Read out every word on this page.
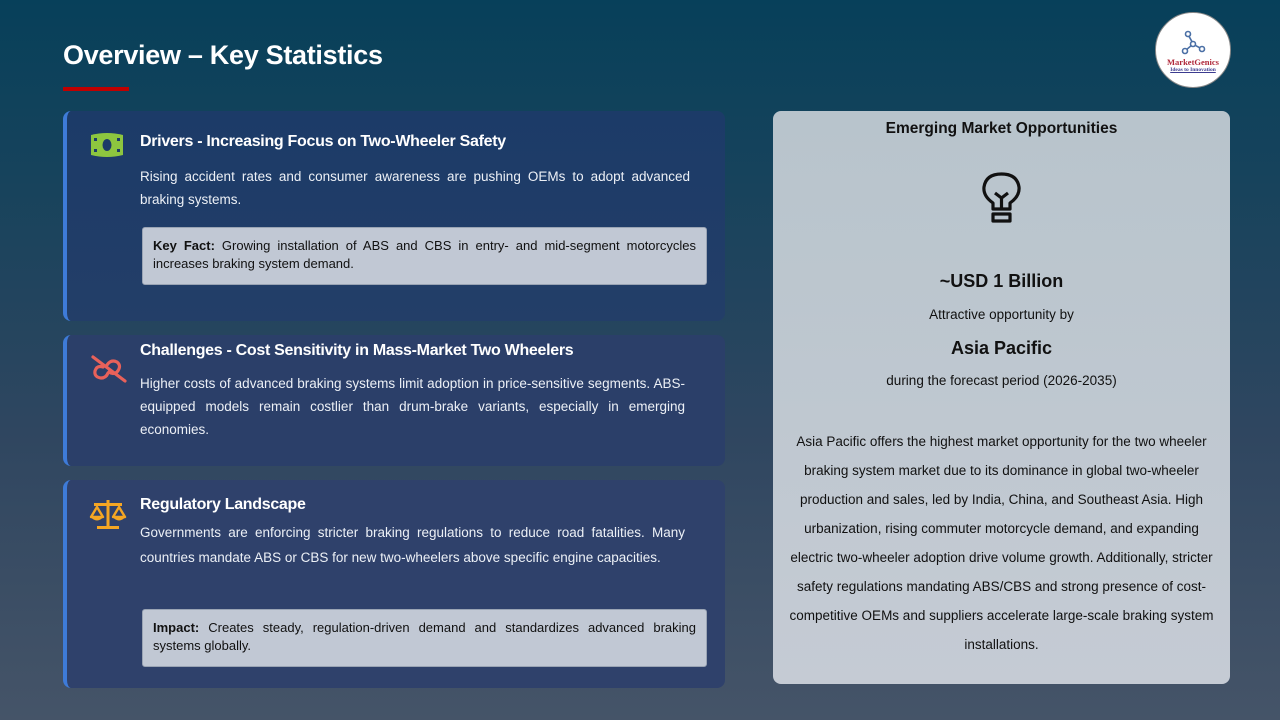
Overview – Key Statistics	MarketGenics
Ideas to Innovation
Drivers - Increasing Focus on Two-Wheeler Safety
Rising accident rates and consumer awareness are pushing OEMs to adopt advanced braking systems.
Key Fact: Growing installation of ABS and CBS in entry- and mid-segment motorcycles increases braking system demand.
Challenges - Cost Sensitivity in Mass-Market Two Wheelers
Higher costs of advanced braking systems limit adoption in price-sensitive segments. ABS-equipped models remain costlier than drum-brake variants, especially in emerging economies.
Regulatory Landscape
Governments are enforcing stricter braking regulations to reduce road fatalities. Many countries mandate ABS or CBS for new two-wheelers above specific engine capacities.
Impact: Creates steady, regulation-driven demand and standardizes advanced braking systems globally.
Emerging Market Opportunities
~USD 1 Billion
Attractive opportunity by
Asia Pacific
during the forecast period (2026-2035)
Asia Pacific offers the highest market opportunity for the two wheeler braking system market due to its dominance in global two-wheeler production and sales, led by India, China, and Southeast Asia. High urbanization, rising commuter motorcycle demand, and expanding electric two-wheeler adoption drive volume growth. Additionally, stricter safety regulations mandating ABS/CBS and strong presence of cost-competitive OEMs and suppliers accelerate large-scale braking system installations.
